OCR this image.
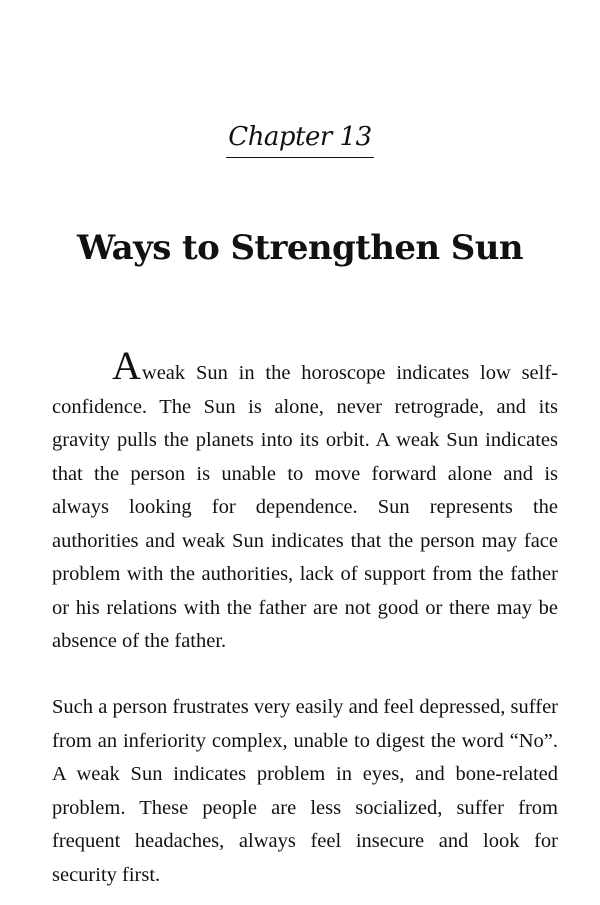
Chapter 13
Ways to Strengthen Sun

Aweak Sun in the horoscope indicates low self-confidence. The Sun is alone, never retrograde, and its gravity pulls the planets into its orbit. A weak Sun indicates that the person is unable to move forward alone and is always looking for dependence. Sun represents the authorities and weak Sun indicates that the person may face problem with the authorities, lack of support from the father or his relations with the father are not good or there may be absence of the father.

Such a person frustrates very easily and feel depressed, suffer from an inferiority complex, unable to digest the word “No”. A weak Sun indicates problem in eyes, and bone-related problem. These people are less socialized, suffer from frequent headaches, always feel insecure and look for security first.
